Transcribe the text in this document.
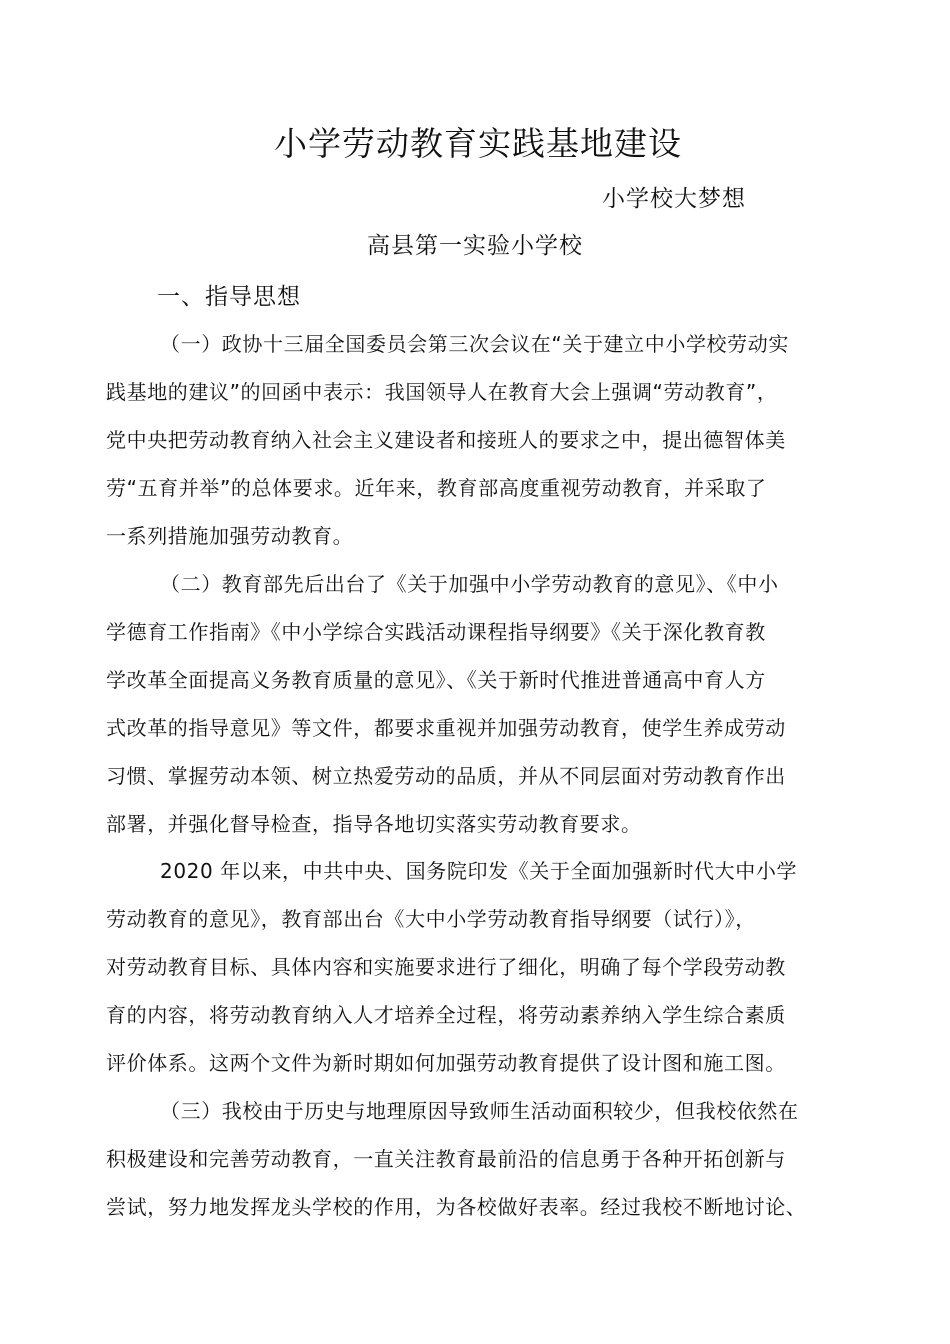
小学劳动教育实践基地建设
小学校大梦想
高县第一实验小学校
一、指导思想
（一）政协十三届全国委员会第三次会议在“关于建立中小学校劳动实
践基地的建议”的回函中表示：我国领导人在教育大会上强调“劳动教育”，
党中央把劳动教育纳入社会主义建设者和接班人的要求之中，提出德智体美
劳“五育并举”的总体要求。近年来，教育部高度重视劳动教育，并采取了
一系列措施加强劳动教育。
（二）教育部先后出台了《关于加强中小学劳动教育的意见》、《中小
学德育工作指南》《中小学综合实践活动课程指导纲要》《关于深化教育教
学改革全面提高义务教育质量的意见》、《关于新时代推进普通高中育人方
式改革的指导意见》等文件，都要求重视并加强劳动教育，使学生养成劳动
习惯、掌握劳动本领、树立热爱劳动的品质，并从不同层面对劳动教育作出
部署，并强化督导检查，指导各地切实落实劳动教育要求。
2020 年以来，中共中央、国务院印发《关于全面加强新时代大中小学
劳动教育的意见》，教育部出台《大中小学劳动教育指导纲要（试行）》，
对劳动教育目标、具体内容和实施要求进行了细化，明确了每个学段劳动教
育的内容，将劳动教育纳入人才培养全过程，将劳动素养纳入学生综合素质
评价体系。这两个文件为新时期如何加强劳动教育提供了设计图和施工图。
（三）我校由于历史与地理原因导致师生活动面积较少，但我校依然在
积极建设和完善劳动教育，一直关注教育最前沿的信息勇于各种开拓创新与
尝试，努力地发挥龙头学校的作用，为各校做好表率。经过我校不断地讨论、
